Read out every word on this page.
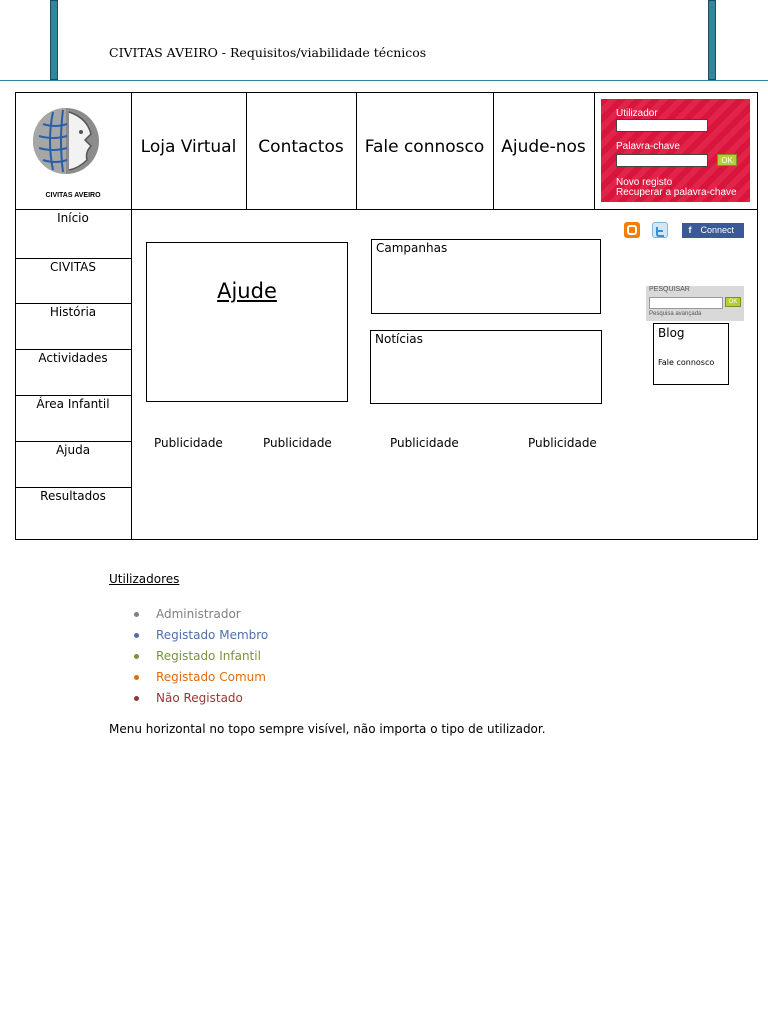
CIVITAS AVEIRO - Requisitos/viabilidade técnicos
CIVITAS AVEIRO
Loja Virtual Contactos Fale connosco Ajude-nos
Utilizador
Palavra-chave
OK
Novo registo
Recuperar a palavra-chave
Início
CIVITAS
História
Actividades
Área Infantil
Ajuda
Resultados
Ajude
Campanhas
Notícias
Publicidade	Publicidade	Publicidade	Publicidade
f Connect
PESQUISAR
OK
Pesquisa avançada
Blog
Fale connosco
Utilizadores
Administrador
Registado Membro
Registado Infantil
Registado Comum
Não Registado
Menu horizontal no topo sempre visível, não importa o tipo de utilizador.
